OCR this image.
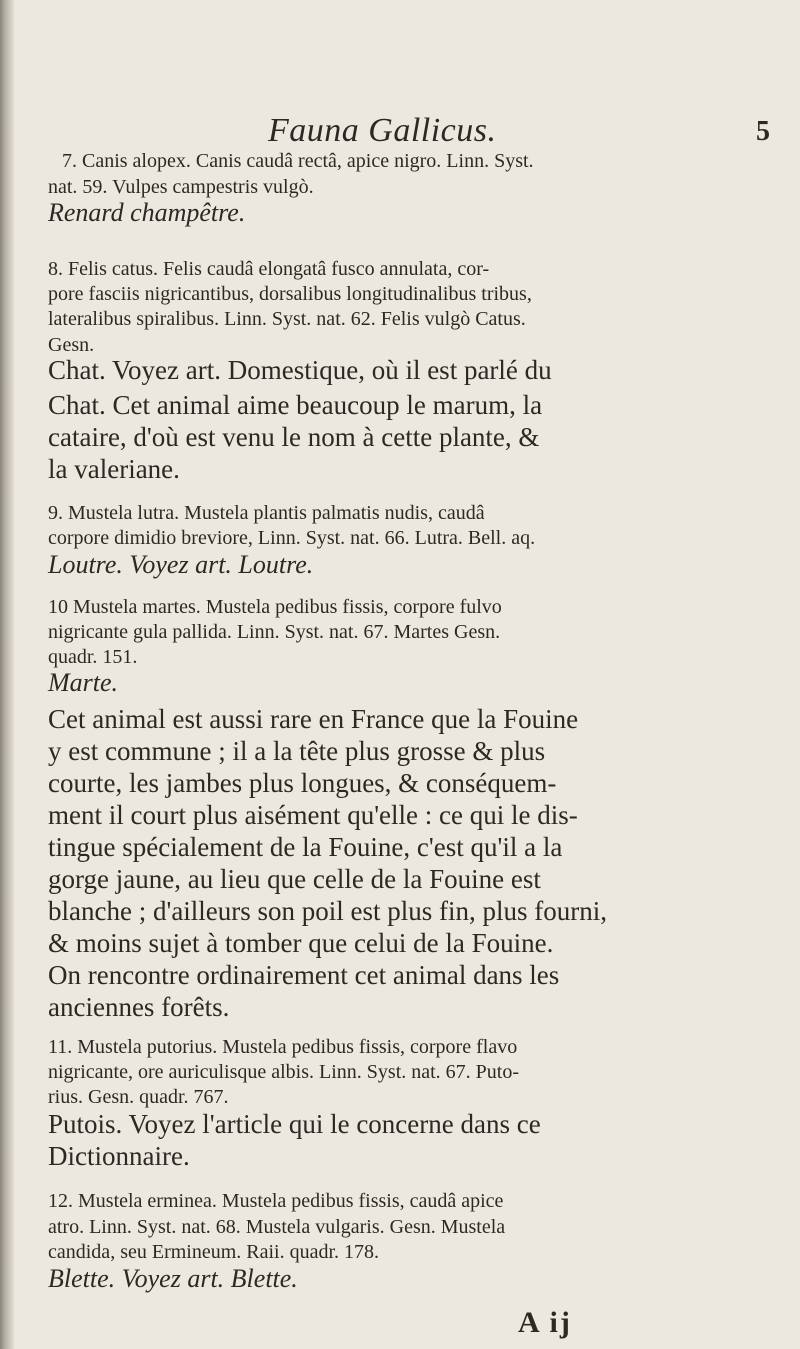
Fauna Gallicus.	5
7. Canis alopex. Canis caudâ rectâ, apice nigro. Linn. Syst.
nat. 59. Vulpes campestris vulgò.
Renard champêtre.
8. Felis catus. Felis caudâ elongatâ fusco annulata, cor-
pore fasciis nigricantibus, dorsalibus longitudinalibus tribus,
lateralibus spiralibus. Linn. Syst. nat. 62. Felis vulgò Catus.
Gesn.
Chat. Voyez art. Domestique, où il est parlé du
Chat. Cet animal aime beaucoup le marum, la
cataire, d'où est venu le nom à cette plante, &
la valeriane.
9. Mustela lutra. Mustela plantis palmatis nudis, caudâ
corpore dimidio breviore, Linn. Syst. nat. 66. Lutra. Bell. aq.
Loutre. Voyez art. Loutre.
10 Mustela martes. Mustela pedibus fissis, corpore fulvo
nigricante gula pallida. Linn. Syst. nat. 67. Martes Gesn.
quadr. 151.
Marte.
Cet animal est aussi rare en France que la Fouine
y est commune ; il a la tête plus grosse & plus
courte, les jambes plus longues, & conséquem-
ment il court plus aisément qu'elle : ce qui le dis-
tingue spécialement de la Fouine, c'est qu'il a la
gorge jaune, au lieu que celle de la Fouine est
blanche ; d'ailleurs son poil est plus fin, plus fourni,
& moins sujet à tomber que celui de la Fouine.
On rencontre ordinairement cet animal dans les
anciennes forêts.
11. Mustela putorius. Mustela pedibus fissis, corpore flavo
nigricante, ore auriculisque albis. Linn. Syst. nat. 67. Puto-
rius. Gesn. quadr. 767.
Putois. Voyez l'article qui le concerne dans ce
Dictionnaire.
12. Mustela erminea. Mustela pedibus fissis, caudâ apice
atro. Linn. Syst. nat. 68. Mustela vulgaris. Gesn. Mustela
candida, seu Ermineum. Raii. quadr. 178.
Blette. Voyez art. Blette.
A ij
